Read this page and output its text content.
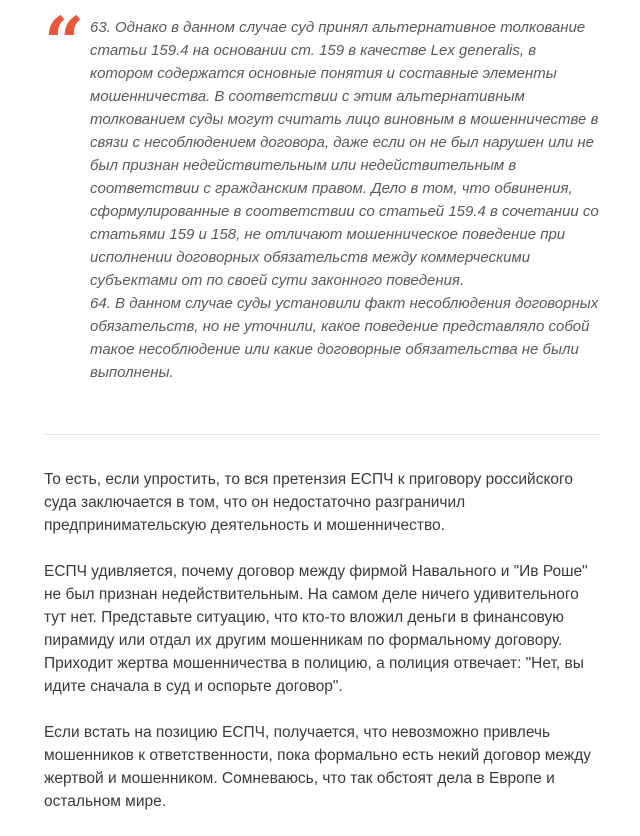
“ 63. Однако в данном случае суд принял альтернативное толкование статьи 159.4 на основании ст. 159 в качестве Lex generalis, в котором содержатся основные понятия и составные элементы мошенничества. В соответствии с этим альтернативным толкованием суды могут считать лицо виновным в мошенничестве в связи с несоблюдением договора, даже если он не был нарушен или не был признан недействительным или недействительным в соответствии с гражданским правом. Дело в том, что обвинения, сформулированные в соответствии со статьей 159.4 в сочетании со статьями 159 и 158, не отличают мошенническое поведение при исполнении договорных обязательств между коммерческими субъектами от по своей сути законного поведения.

64. В данном случае суды установили факт несоблюдения договорных обязательств, но не уточнили, какое поведение представляло собой такое несоблюдение или какие договорные обязательства не были выполнены.

То есть, если упростить, то вся претензия ЕСПЧ к приговору российского суда заключается в том, что он недостаточно разграничил предпринимательскую деятельность и мошенничество.

ЕСПЧ удивляется, почему договор между фирмой Навального и "Ив Роше" не был признан недействительным. На самом деле ничего удивительного тут нет. Представьте ситуацию, что кто-то вложил деньги в финансовую пирамиду или отдал их другим мошенникам по формальному договору. Приходит жертва мошенничества в полицию, а полиция отвечает: "Нет, вы идите сначала в суд и оспорьте договор".

Если встать на позицию ЕСПЧ, получается, что невозможно привлечь мошенников к ответственности, пока формально есть некий договор между жертвой и мошенником. Сомневаюсь, что так обстоят дела в Европе и остальном мире.
